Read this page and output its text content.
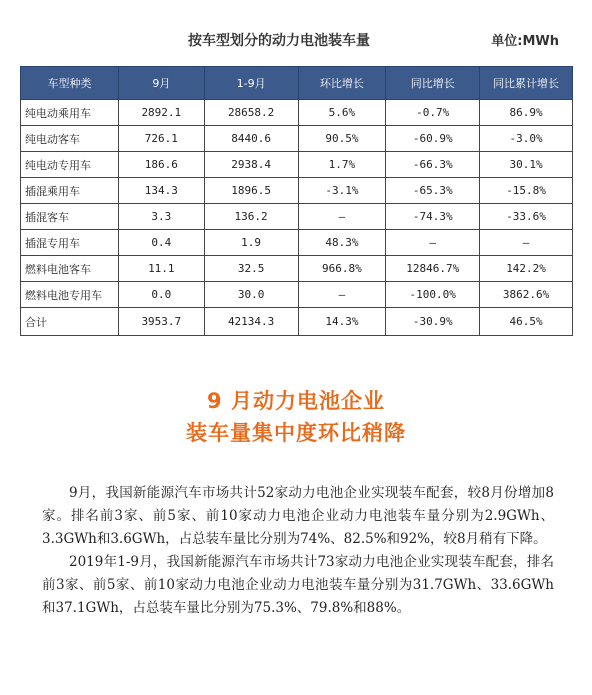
按车型划分的动力电池装车量	单位:MWh
车型种类	9月	1-9月	环比增长	同比增长	同比累计增长
纯电动乘用车	2892.1	28658.2	5.6%	-0.7%	86.9%
纯电动客车	726.1	8440.6	90.5%	-60.9%	-3.0%
纯电动专用车	186.6	2938.4	1.7%	-66.3%	30.1%
插混乘用车	134.3	1896.5	-3.1%	-65.3%	-15.8%
插混客车	3.3	136.2	—	-74.3%	-33.6%
插混专用车	0.4	1.9	48.3%	—	—
燃料电池客车	11.1	32.5	966.8%	12846.7%	142.2%
燃料电池专用车	0.0	30.0	—	-100.0%	3862.6%
合计	3953.7	42134.3	14.3%	-30.9%	46.5%
9 月动力电池企业
装车量集中度环比稍降

9月，我国新能源汽车市场共计52家动力电池企业实现装车配套，较8月份增加8家。排名前3家、前5家、前10家动力电池企业动力电池装车量分别为2.9GWh、3.3GWh和3.6GWh，占总装车量比分别为74%、82.5%和92%，较8月稍有下降。

2019年1-9月，我国新能源汽车市场共计73家动力电池企业实现装车配套，排名前3家、前5家、前10家动力电池企业动力电池装车量分别为31.7GWh、33.6GWh和37.1GWh，占总装车量比分别为75.3%、79.8%和88%。
